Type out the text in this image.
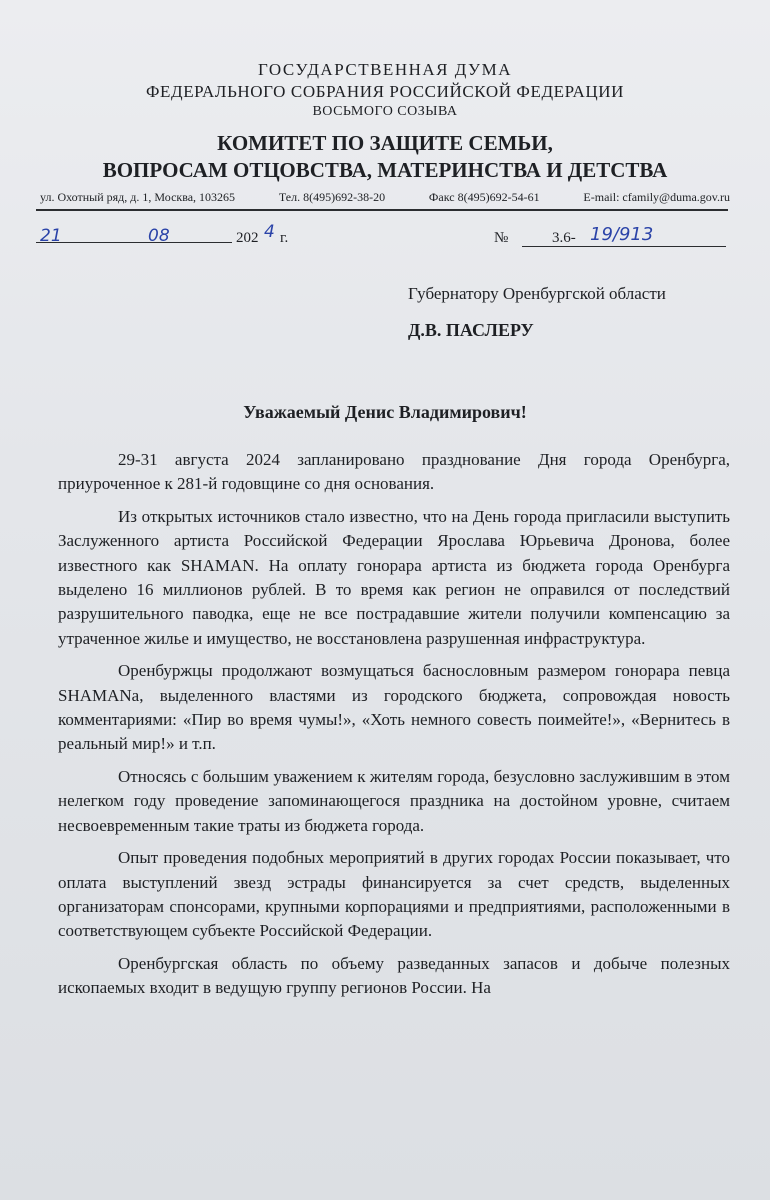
ГОСУДАРСТВЕННАЯ ДУМА
ФЕДЕРАЛЬНОГО СОБРАНИЯ РОССИЙСКОЙ ФЕДЕРАЦИИ
ВОСЬМОГО СОЗЫВА
КОМИТЕТ ПО ЗАЩИТЕ СЕМЬИ,
ВОПРОСАМ ОТЦОВСТВА, МАТЕРИНСТВА И ДЕТСТВА
ул. Охотный ряд, д. 1, Москва, 103265	Тел. 8(495)692-38-20	Факс 8(495)692-54-61	E-mail: cfamily@duma.gov.ru
21	08	202 4 г.	№	3.6- 19/913
Губернатору Оренбургской области
Д.В. ПАСЛЕРУ
Уважаемый Денис Владимирович!

29-31 августа 2024 запланировано празднование Дня города Оренбурга, приуроченное к 281-й годовщине со дня основания.

Из открытых источников стало известно, что на День города пригласили выступить Заслуженного артиста Российской Федерации Ярослава Юрьевича Дронова, более известного как SHAMAN. На оплату гонорара артиста из бюджета города Оренбурга выделено 16 миллионов рублей. В то время как регион не оправился от последствий разрушительного паводка, еще не все пострадавшие жители получили компенсацию за утраченное жилье и имущество, не восстановлена разрушенная инфраструктура.

Оренбуржцы продолжают возмущаться баснословным размером гонорара певца SHAMANа, выделенного властями из городского бюджета, сопровождая новость комментариями: «Пир во время чумы!», «Хоть немного совесть поимейте!», «Вернитесь в реальный мир!» и т.п.

Относясь с большим уважением к жителям города, безусловно заслужившим в этом нелегком году проведение запоминающегося праздника на достойном уровне, считаем несвоевременным такие траты из бюджета города.

Опыт проведения подобных мероприятий в других городах России показывает, что оплата выступлений звезд эстрады финансируется за счет средств, выделенных организаторам спонсорами, крупными корпорациями и предприятиями, расположенными в соответствующем субъекте Российской Федерации.

Оренбургская область по объему разведанных запасов и добыче полезных ископаемых входит в ведущую группу регионов России. На
